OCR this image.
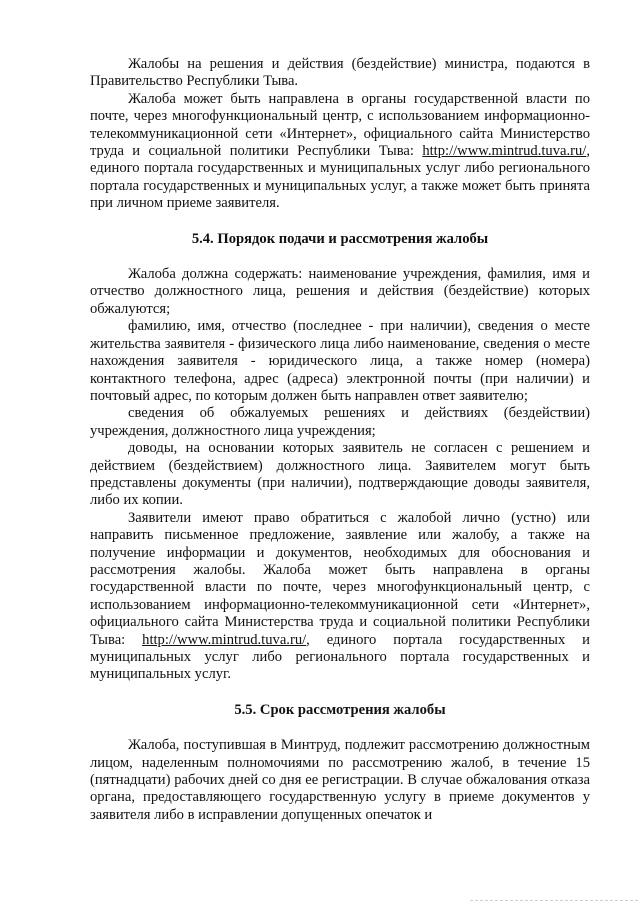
Жалобы на решения и действия (бездействие) министра, подаются в Правительство Республики Тыва.

Жалоба может быть направлена в органы государственной власти по почте, через многофункциональный центр, с использованием информационно-телекоммуникационной сети «Интернет», официального сайта Министерство труда и социальной политики Республики Тыва: http://www.mintrud.tuva.ru/, единого портала государственных и муниципальных услуг либо регионального портала государственных и муниципальных услуг, а также может быть принята при личном приеме заявителя.

5.4. Порядок подачи и рассмотрения жалобы

Жалоба должна содержать: наименование учреждения, фамилия, имя и отчество должностного лица, решения и действия (бездействие) которых обжалуются;

фамилию, имя, отчество (последнее - при наличии), сведения о месте жительства заявителя - физического лица либо наименование, сведения о месте нахождения заявителя - юридического лица, а также номер (номера) контактного телефона, адрес (адреса) электронной почты (при наличии) и почтовый адрес, по которым должен быть направлен ответ заявителю;

сведения об обжалуемых решениях и действиях (бездействии) учреждения, должностного лица учреждения;

доводы, на основании которых заявитель не согласен с решением и действием (бездействием) должностного лица. Заявителем могут быть представлены документы (при наличии), подтверждающие доводы заявителя, либо их копии.

Заявители имеют право обратиться с жалобой лично (устно) или направить письменное предложение, заявление или жалобу, а также на получение информации и документов, необходимых для обоснования и рассмотрения жалобы. Жалоба может быть направлена в органы государственной власти по почте, через многофункциональный центр, с использованием информационно-телекоммуникационной сети «Интернет», официального сайта Министерства труда и социальной политики Республики Тыва: http://www.mintrud.tuva.ru/, единого портала государственных и муниципальных услуг либо регионального портала государственных и муниципальных услуг.

5.5. Срок рассмотрения жалобы

Жалоба, поступившая в Минтруд, подлежит рассмотрению должностным лицом, наделенным полномочиями по рассмотрению жалоб, в течение 15 (пятнадцати) рабочих дней со дня ее регистрации. В случае обжалования отказа органа, предоставляющего государственную услугу в приеме документов у заявителя либо в исправлении допущенных опечаток и
